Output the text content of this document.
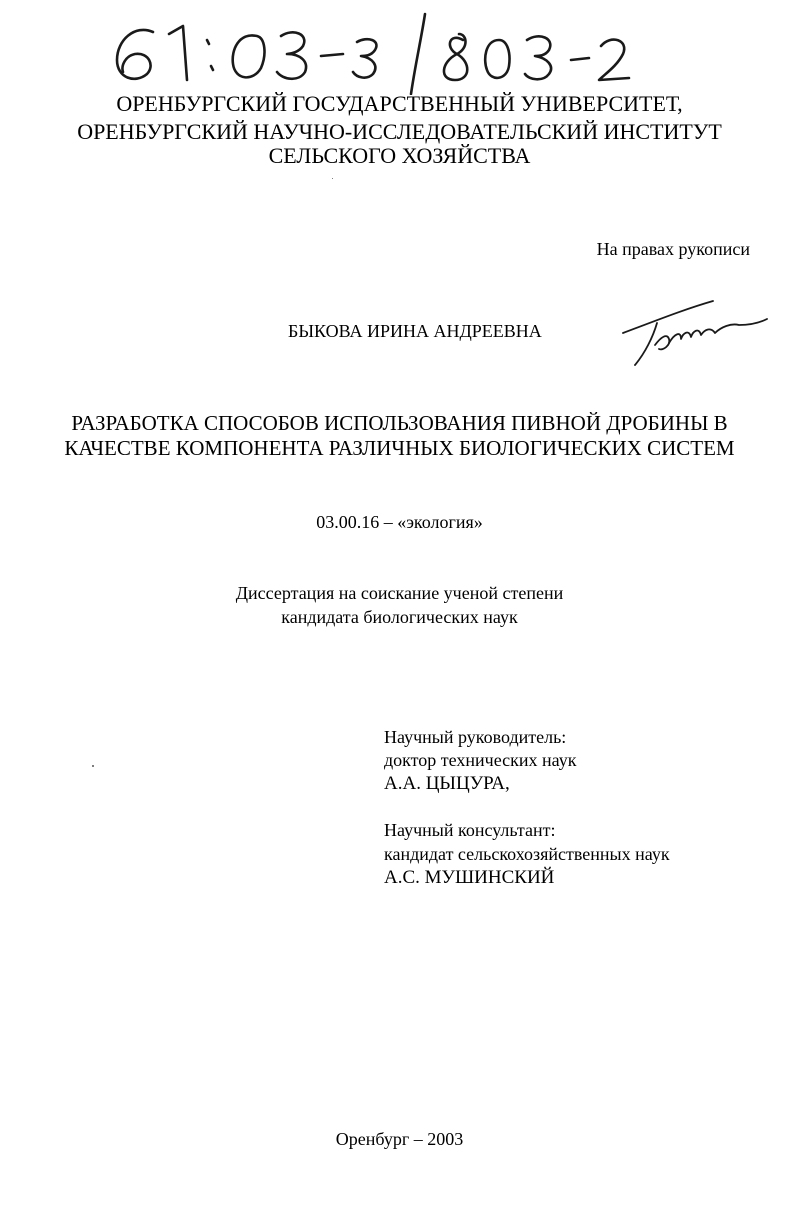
ОРЕНБУРГСКИЙ ГОСУДАРСТВЕННЫЙ УНИВЕРСИТЕТ,
ОРЕНБУРГСКИЙ НАУЧНО-ИССЛЕДОВАТЕЛЬСКИЙ ИНСТИТУТ
СЕЛЬСКОГО ХОЗЯЙСТВА
На правах рукописи
БЫКОВА ИРИНА АНДРЕЕВНА
РАЗРАБОТКА СПОСОБОВ ИСПОЛЬЗОВАНИЯ ПИВНОЙ ДРОБИНЫ В
КАЧЕСТВЕ КОМПОНЕНТА РАЗЛИЧНЫХ БИОЛОГИЧЕСКИХ СИСТЕМ
03.00.16 – «экология»
Диссертация на соискание ученой степени
кандидата биологических наук
Научный руководитель:
доктор технических наук
А.А. ЦЫЦУРА,
Научный консультант:
кандидат сельскохозяйственных наук
А.С. МУШИНСКИЙ
Оренбург – 2003
